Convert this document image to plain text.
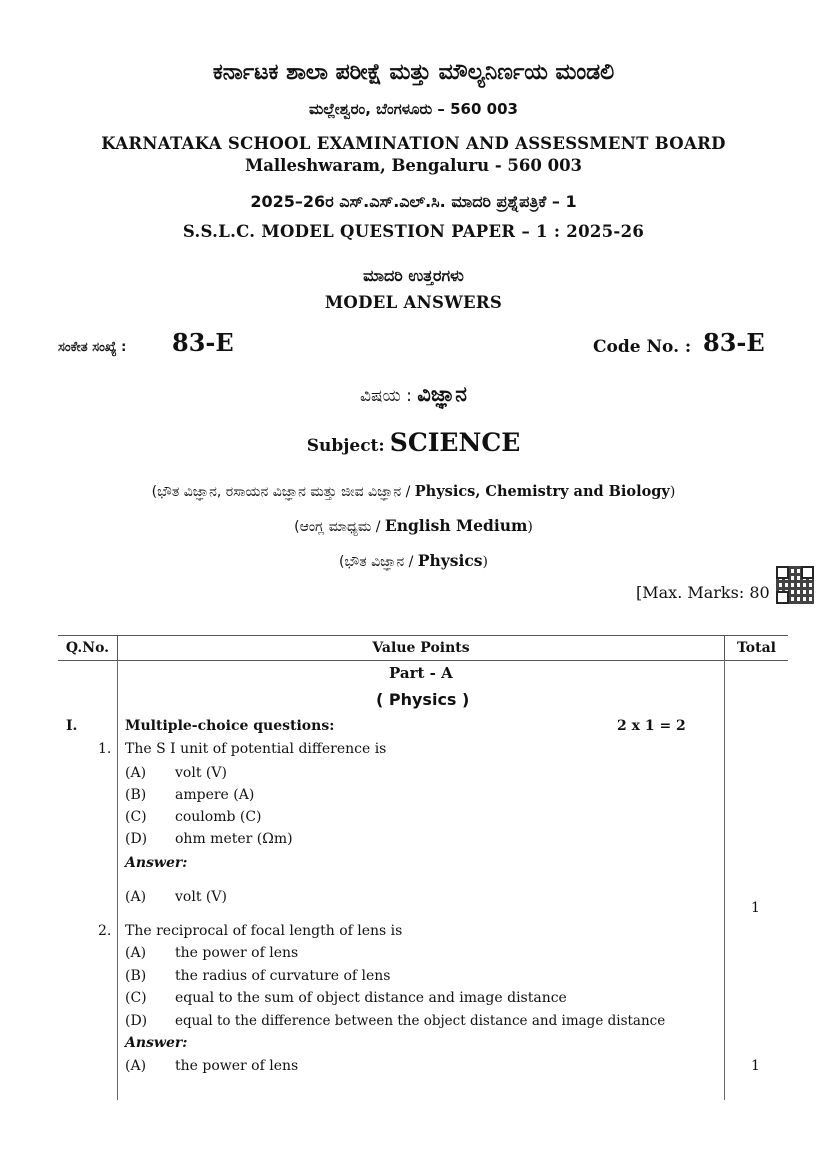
ಕರ್ನಾಟಕ ಶಾಲಾ ಪರೀಕ್ಷೆ ಮತ್ತು ಮೌಲ್ಯನಿರ್ಣಯ ಮಂಡಲಿ
ಮಲ್ಲೇಶ್ವರಂ, ಬೆಂಗಳೂರು – 560 003
KARNATAKA SCHOOL EXAMINATION AND ASSESSMENT BOARD
Malleshwaram, Bengaluru - 560 003
2025–26ರ ಎಸ್.ಎಸ್.ಎಲ್.ಸಿ. ಮಾದರಿ ಪ್ರಶ್ನೆಪತ್ರಿಕೆ – 1
S.S.L.C. MODEL QUESTION PAPER – 1 : 2025-26
ಮಾದರಿ ಉತ್ತರಗಳು
MODEL ANSWERS
ಸಂಕೇತ ಸಂಖ್ಯೆ : 83-E	Code No. : 83-E
ವಿಷಯ : ವಿಜ್ಞಾನ
Subject: SCIENCE
(ಭೌತ ವಿಜ್ಞಾನ, ರಸಾಯನ ವಿಜ್ಞಾನ ಮತ್ತು ಜೀವ ವಿಜ್ಞಾನ / Physics, Chemistry and Biology)
(ಆಂಗ್ಲ ಮಾಧ್ಯಮ / English Medium)
(ಭೌತ ವಿಜ್ಞಾನ / Physics)
[Max. Marks: 80
Q.No.	Value Points	Total
Part - A
( Physics )
I.	Multiple-choice questions:	2 x 1 = 2
1. The S I unit of potential difference is
(A) volt (V)
(B) ampere (A)
(C) coulomb (C)
(D) ohm meter (Ωm)
Answer:
(A) volt (V)
1
2. The reciprocal of focal length of lens is
(A) the power of lens
(B) the radius of curvature of lens
(C) equal to the sum of object distance and image distance
(D) equal to the difference between the object distance and image distance
Answer:
(A) the power of lens	1
